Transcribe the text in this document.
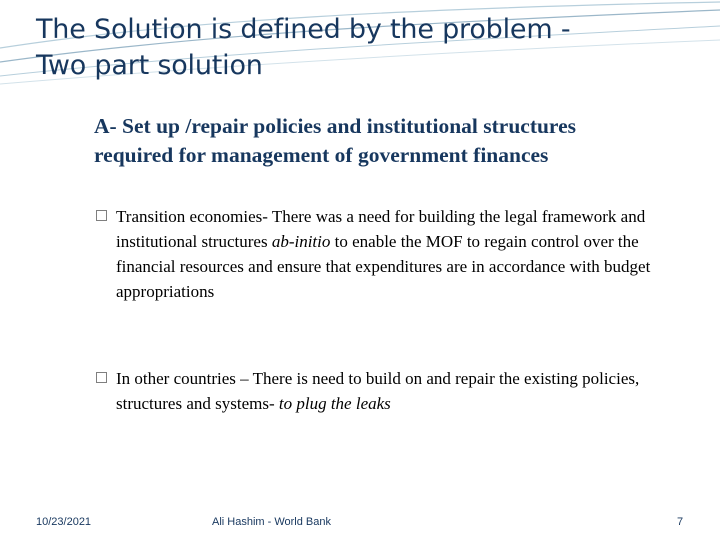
The Solution is defined by the problem -
Two part solution
  A- Set up /repair policies and institutional structures required for management of government finances
Transition economies- There was a need for building the legal framework and institutional structures ab-initio to enable the MOF to regain control over the financial resources and ensure that expenditures are in accordance with budget appropriations
In other countries – There is need to build on and repair the existing policies, structures and systems- to plug the leaks
10/23/2021	Ali Hashim - World Bank	7
